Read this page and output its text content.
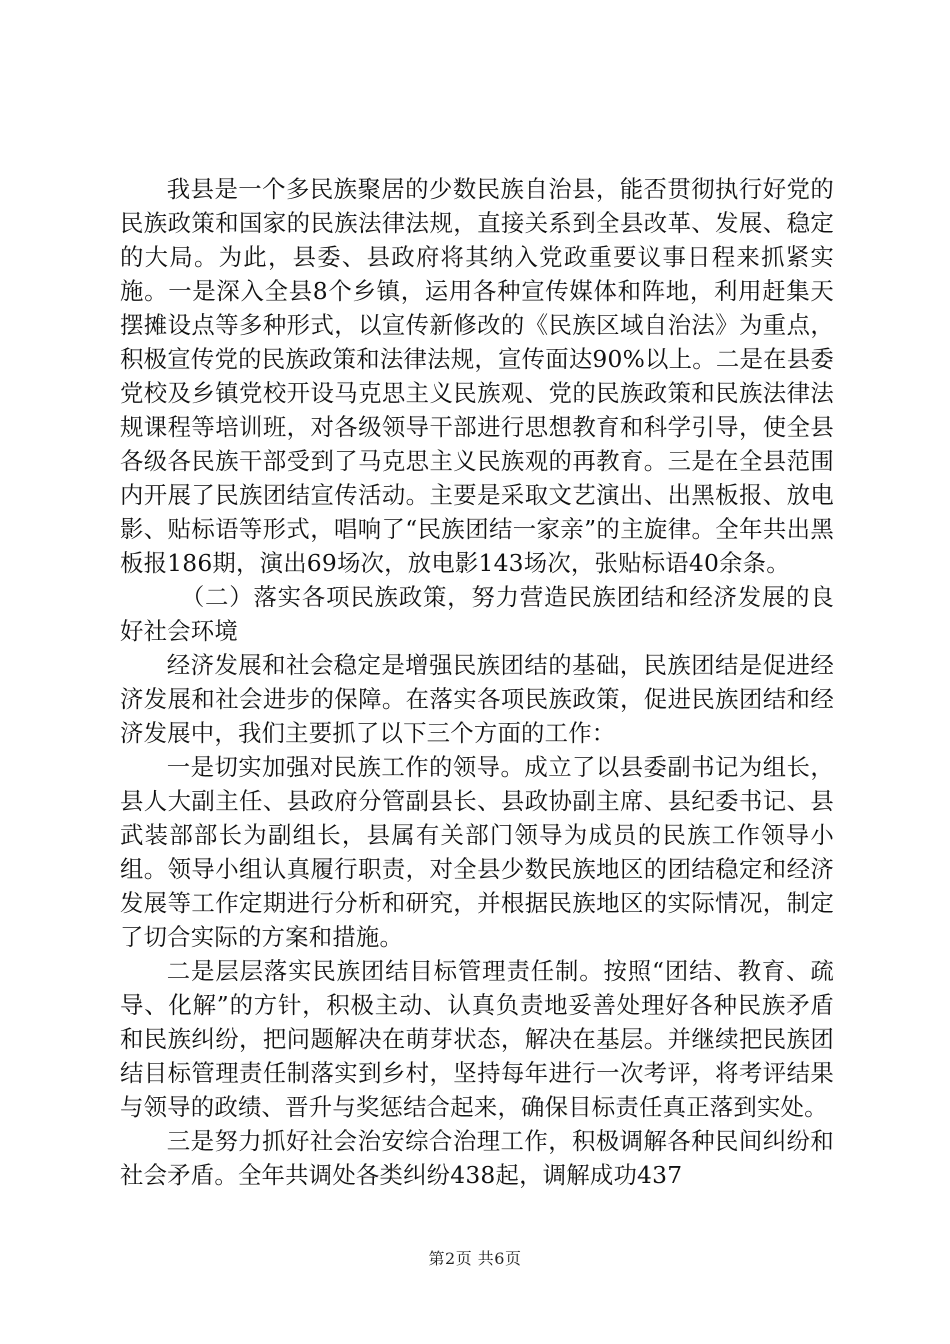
我县是一个多民族聚居的少数民族自治县，能否贯彻执行好党的民族政策和国家的民族法律法规，直接关系到全县改革、发展、稳定的大局。为此，县委、县政府将其纳入党政重要议事日程来抓紧实施。一是深入全县8个乡镇，运用各种宣传媒体和阵地，利用赶集天摆摊设点等多种形式，以宣传新修改的《民族区域自治法》为重点，积极宣传党的民族政策和法律法规，宣传面达90%以上。二是在县委党校及乡镇党校开设马克思主义民族观、党的民族政策和民族法律法规课程等培训班，对各级领导干部进行思想教育和科学引导，使全县各级各民族干部受到了马克思主义民族观的再教育。三是在全县范围内开展了民族团结宣传活动。主要是采取文艺演出、出黑板报、放电影、贴标语等形式，唱响了“民族团结一家亲”的主旋律。全年共出黑板报186期，演出69场次，放电影143场次，张贴标语40余条。

（二）落实各项民族政策，努力营造民族团结和经济发展的良好社会环境

经济发展和社会稳定是增强民族团结的基础，民族团结是促进经济发展和社会进步的保障。在落实各项民族政策，促进民族团结和经济发展中，我们主要抓了以下三个方面的工作：

一是切实加强对民族工作的领导。成立了以县委副书记为组长，县人大副主任、县政府分管副县长、县政协副主席、县纪委书记、县武装部部长为副组长，县属有关部门领导为成员的民族工作领导小组。领导小组认真履行职责，对全县少数民族地区的团结稳定和经济发展等工作定期进行分析和研究，并根据民族地区的实际情况，制定了切合实际的方案和措施。

二是层层落实民族团结目标管理责任制。按照“团结、教育、疏导、化解”的方针，积极主动、认真负责地妥善处理好各种民族矛盾和民族纠纷，把问题解决在萌芽状态，解决在基层。并继续把民族团结目标管理责任制落实到乡村，坚持每年进行一次考评，将考评结果与领导的政绩、晋升与奖惩结合起来，确保目标责任真正落到实处。

三是努力抓好社会治安综合治理工作，积极调解各种民间纠纷和社会矛盾。全年共调处各类纠纷438起，调解成功437

第2页 共6页
